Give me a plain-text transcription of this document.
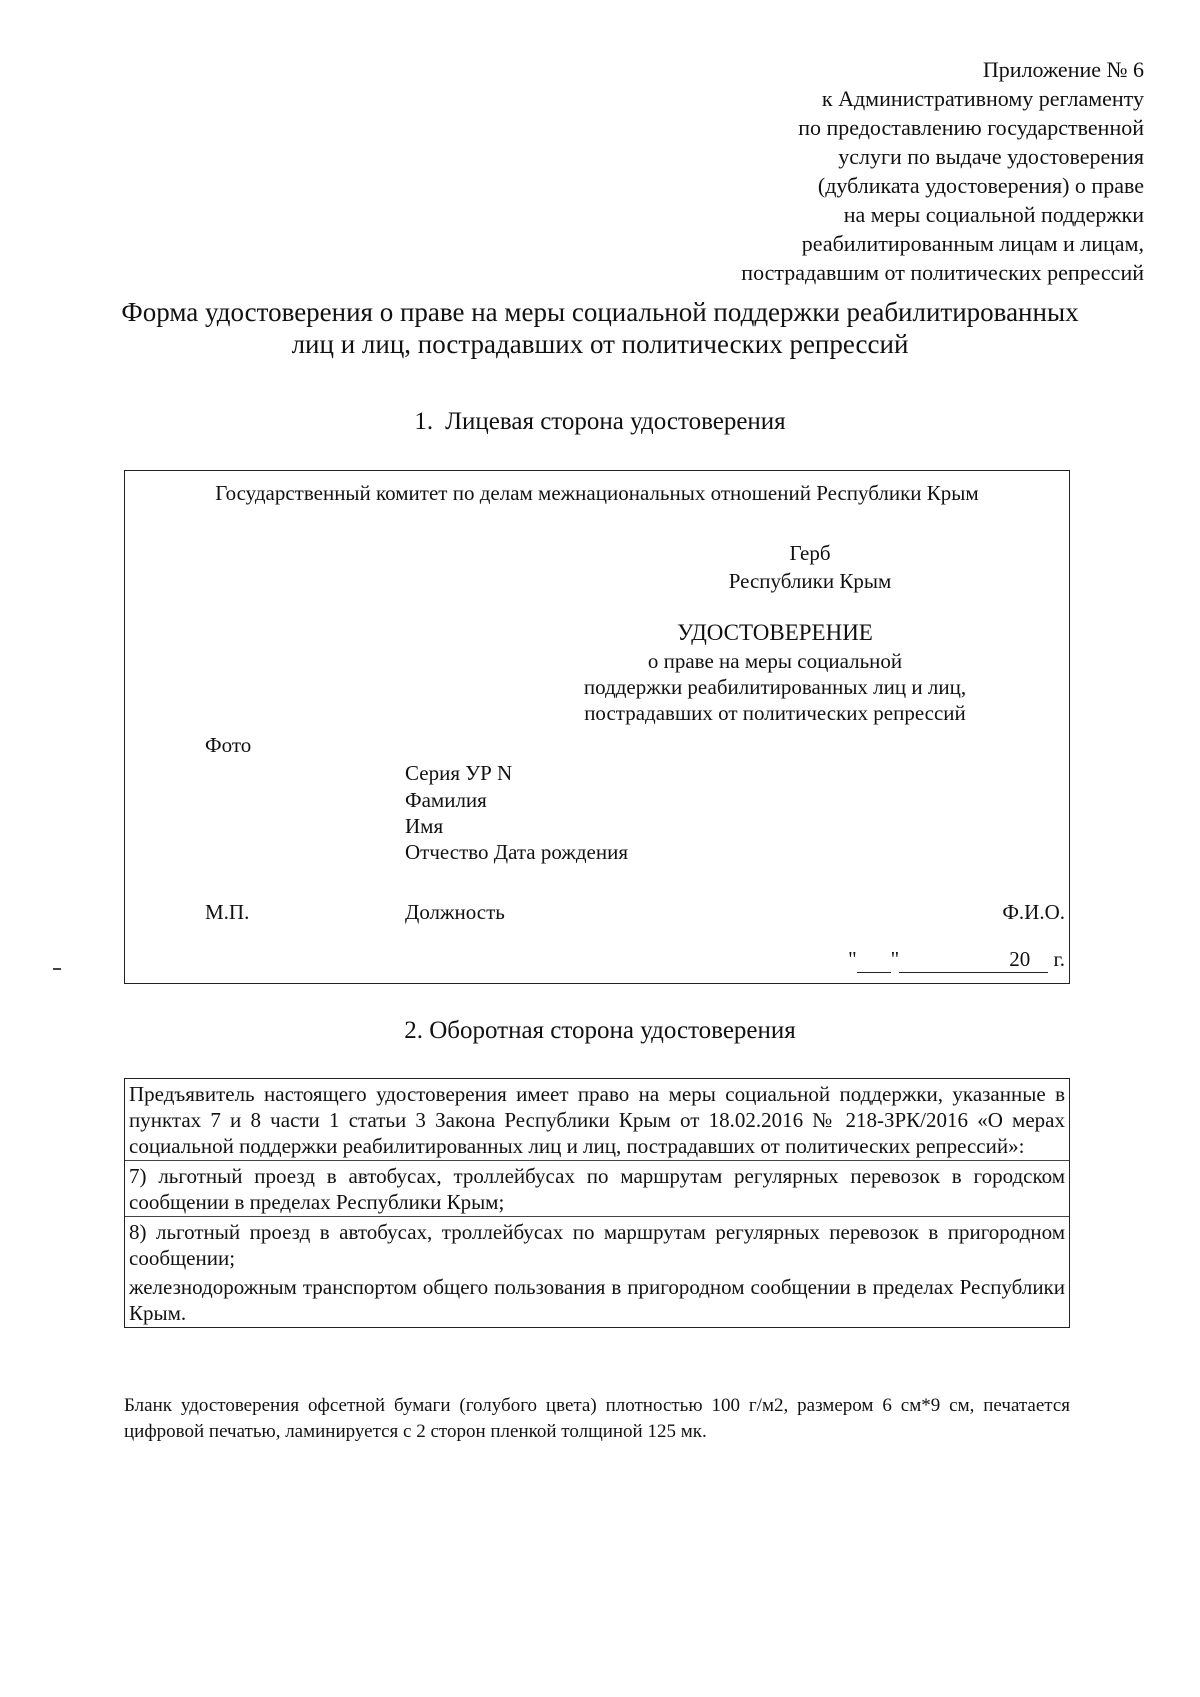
Приложение № 6
к Административному регламенту
по предоставлению государственной
услуги по выдаче удостоверения
(дубликата удостоверения) о праве
на меры социальной поддержки
реабилитированным лицам и лицам,
пострадавшим от политических репрессий
Форма удостоверения о праве на меры социальной поддержки реабилитированных
лиц и лиц, пострадавших от политических репрессий
1. Лицевая сторона удостоверения
Государственный комитет по делам межнациональных отношений Республики Крым
Герб
Республики Крым
УДОСТОВЕРЕНИЕ
о праве на меры социальной
поддержки реабилитированных лиц и лиц,
пострадавших от политических репрессий
Фото
Серия УР N
Фамилия
Имя
Отчество Дата рождения
М.П.	Должность	Ф.И.О.
" "	20 г.
2. Оборотная сторона удостоверения

Предъявитель настоящего удостоверения имеет право на меры социальной поддержки, указанные в пунктах 7 и 8 части 1 статьи 3 Закона Республики Крым от 18.02.2016 № 218-ЗРК/2016 «О мерах социальной поддержки реабилитированных лиц и лиц, пострадавших от политических репрессий»:

7) льготный проезд в автобусах, троллейбусах по маршрутам регулярных перевозок в городском сообщении в пределах Республики Крым;

8) льготный проезд в автобусах, троллейбусах по маршрутам регулярных перевозок в пригородном сообщении;

железнодорожным транспортом общего пользования в пригородном сообщении в пределах Республики Крым.

Бланк удостоверения офсетной бумаги (голубого цвета) плотностью 100 г/м2, размером 6 см*9 см, печатается цифровой печатью, ламинируется с 2 сторон пленкой толщиной 125 мк.
